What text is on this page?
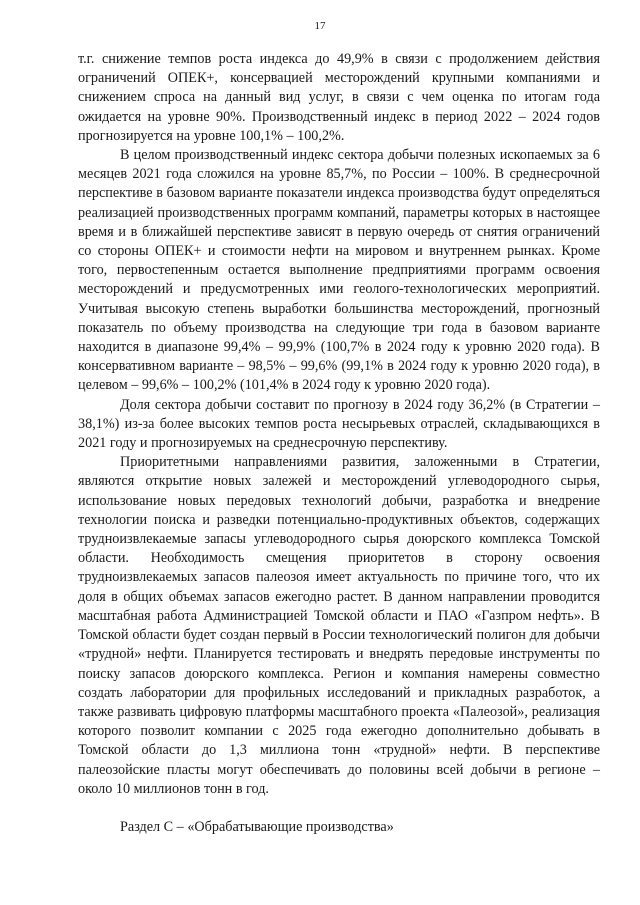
17

т.г. снижение темпов роста индекса до 49,9% в связи с продолжением действия ограничений ОПЕК+, консервацией месторождений крупными компаниями и снижением спроса на данный вид услуг, в связи с чем оценка по итогам года ожидается на уровне 90%. Производственный индекс в период 2022 – 2024 годов прогнозируется на уровне 100,1% – 100,2%.

В целом производственный индекс сектора добычи полезных ископаемых за 6 месяцев 2021 года сложился на уровне 85,7%, по России – 100%. В среднесрочной перспективе в базовом варианте показатели индекса производства будут определяться реализацией производственных программ компаний, параметры которых в настоящее время и в ближайшей перспективе зависят в первую очередь от снятия ограничений со стороны ОПЕК+ и стоимости нефти на мировом и внутреннем рынках. Кроме того, первостепенным остается выполнение предприятиями программ освоения месторождений и предусмотренных ими геолого-технологических мероприятий. Учитывая высокую степень выработки большинства месторождений, прогнозный показатель по объему производства на следующие три года в базовом варианте находится в диапазоне 99,4% – 99,9% (100,7% в 2024 году к уровню 2020 года). В консервативном варианте – 98,5% – 99,6% (99,1% в 2024 году к уровню 2020 года), в целевом – 99,6% – 100,2% (101,4% в 2024 году к уровню 2020 года).

Доля сектора добычи составит по прогнозу в 2024 году 36,2% (в Стратегии – 38,1%) из-за более высоких темпов роста несырьевых отраслей, складывающихся в 2021 году и прогнозируемых на среднесрочную перспективу.

Приоритетными направлениями развития, заложенными в Стратегии, являются открытие новых залежей и месторождений углеводородного сырья, использование новых передовых технологий добычи, разработка и внедрение технологии поиска и разведки потенциально-продуктивных объектов, содержащих трудноизвлекаемые запасы углеводородного сырья доюрского комплекса Томской области. Необходимость смещения приоритетов в сторону освоения трудноизвлекаемых запасов палеозоя имеет актуальность по причине того, что их доля в общих объемах запасов ежегодно растет. В данном направлении проводится масштабная работа Администрацией Томской области и ПАО «Газпром нефть». В Томской области будет создан первый в России технологический полигон для добычи «трудной» нефти. Планируется тестировать и внедрять передовые инструменты по поиску запасов доюрского комплекса. Регион и компания намерены совместно создать лаборатории для профильных исследований и прикладных разработок, а также развивать цифровую платформы масштабного проекта «Палеозой», реализация которого позволит компании с 2025 года ежегодно дополнительно добывать в Томской области до 1,3 миллиона тонн «трудной» нефти. В перспективе палеозойские пласты могут обеспечивать до половины всей добычи в регионе – около 10 миллионов тонн в год.

Раздел С – «Обрабатывающие производства»
